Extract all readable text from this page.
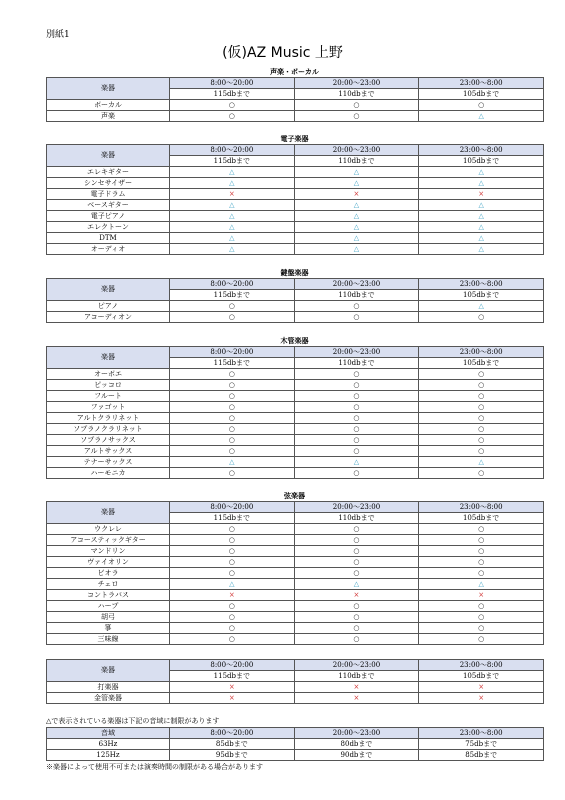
別紙1
(仮)AZ Music 上野
声楽・ボーカル
楽器	8:00～20:00	20:00～23:00	23:00～8:00
	115dbまで	110dbまで	105dbまで
ボーカル	○	○	○
声楽	○	○	△
電子楽器
楽器	8:00～20:00	20:00～23:00	23:00～8:00
	115dbまで	110dbまで	105dbまで
エレキギター	△	△	△
シンセサイザー	△	△	△
電子ドラム	×	×	×
ベースギター	△	△	△
電子ピアノ	△	△	△
エレクトーン	△	△	△
DTM	△	△	△
オーディオ	△	△	△
鍵盤楽器
楽器	8:00～20:00	20:00～23:00	23:00～8:00
	115dbまで	110dbまで	105dbまで
ピアノ	○	○	△
アコーディオン	○	○	○
木管楽器
楽器	8:00～20:00	20:00～23:00	23:00～8:00
	115dbまで	110dbまで	105dbまで
オーボエ	○	○	○
ピッコロ	○	○	○
フルート	○	○	○
ファゴット	○	○	○
アルトクラリネット	○	○	○
ソプラノクラリネット	○	○	○
ソプラノサックス	○	○	○
アルトサックス	○	○	○
テナーサックス	△	△	△
ハーモニカ	○	○	○
弦楽器
楽器	8:00～20:00	20:00～23:00	23:00～8:00
	115dbまで	110dbまで	105dbまで
ウクレレ	○	○	○
アコースティックギター	○	○	○
マンドリン	○	○	○
ヴァイオリン	○	○	○
ビオラ	○	○	○
チェロ	△	△	△
コントラバス	×	×	×
ハープ	○	○	○
胡弓	○	○	○
箏	○	○	○
三味線	○	○	○
楽器	8:00～20:00	20:00～23:00	23:00～8:00
	115dbまで	110dbまで	105dbまで
打楽器	×	×	×
金管楽器	×	×	×
△で表示されている楽器は下記の音域に制限があります
音域	8:00～20:00	20:00～23:00	23:00～8:00
63Hz	85dbまで	80dbまで	75dbまで
125Hz	95dbまで	90dbまで	85dbまで
※楽器によって使用不可または演奏時間の制限がある場合があります
